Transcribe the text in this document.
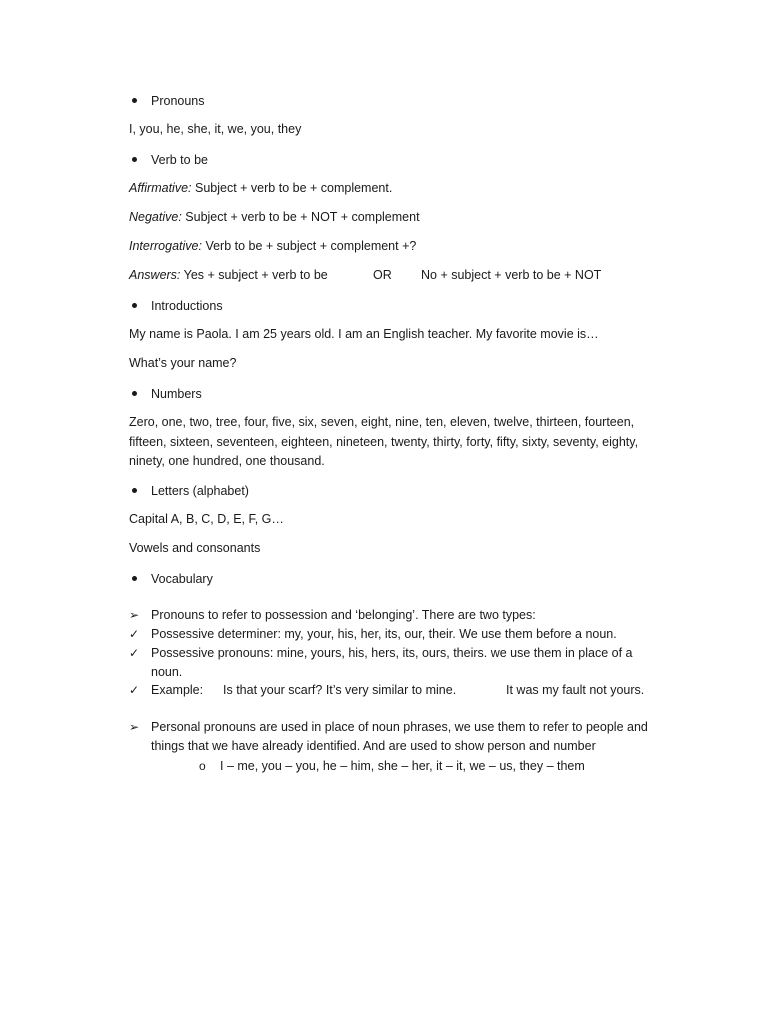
Pronouns
I, you, he, she, it, we, you, they
Verb to be
Affirmative: Subject + verb to be + complement.
Negative: Subject + verb to be + NOT + complement
Interrogative: Verb to be + subject + complement +?
Answers: Yes + subject + verb to be	OR No + subject + verb to be + NOT
Introductions
My name is Paola. I am 25 years old. I am an English teacher. My favorite movie is…
What’s your name?
Numbers
Zero, one, two, tree, four, five, six, seven, eight, nine, ten, eleven, twelve, thirteen, fourteen, fifteen, sixteen, seventeen, eighteen, nineteen, twenty, thirty, forty, fifty, sixty, seventy, eighty, ninety, one hundred, one thousand.
Letters (alphabet)
Capital A, B, C, D, E, F, G…
Vowels and consonants
Vocabulary
➢ Pronouns to refer to possession and ‘belonging’. There are two types:
✓ Possessive determiner: my, your, his, her, its, our, their. We use them before a noun.
✓ Possessive pronouns: mine, yours, his, hers, its, ours, theirs. we use them in place of a noun.
✓ Example: Is that your scarf? It’s very similar to mine.	It was my fault not yours.
➢ Personal pronouns are used in place of noun phrases, we use them to refer to people and things that we have already identified. And are used to show person and number
o I – me, you – you, he – him, she – her, it – it, we – us, they – them
